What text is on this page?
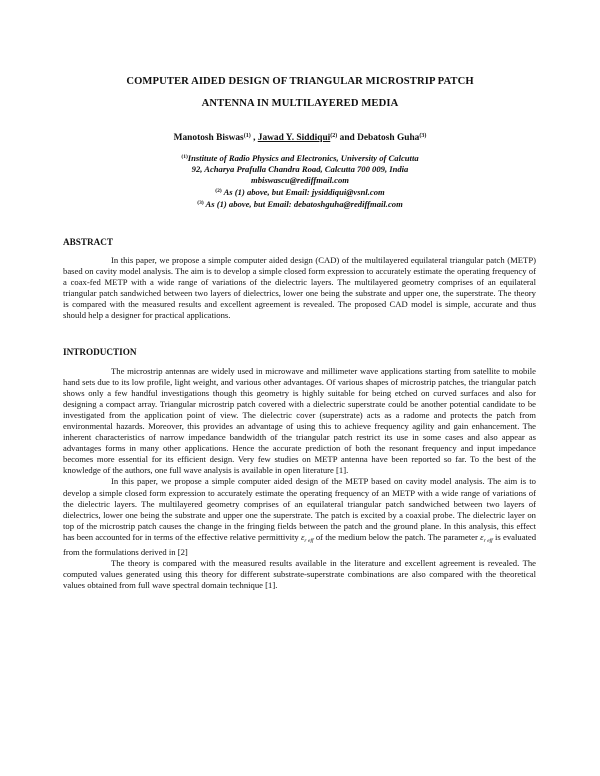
COMPUTER AIDED DESIGN OF TRIANGULAR MICROSTRIP PATCH
ANTENNA IN MULTILAYERED MEDIA
Manotosh Biswas$^{(1)}$ , Jawad Y. Siddiqui$^{(2)}$ and Debatosh Guha$^{(3)}$
$^{(1)}$Institute of Radio Physics and Electronics, University of Calcutta
92, Acharya Prafulla Chandra Road, Calcutta 700 009, India
mbiswascu@rediffmail.com
$^{(2)}$ As (1) above, but Email: jysiddiqui@vsnl.com
$^{(3)}$ As (1) above, but Email: debatoshguha@rediffmail.com
ABSTRACT

In this paper, we propose a simple computer aided design (CAD) of the multilayered equilateral triangular patch (METP) based on cavity model analysis. The aim is to develop a simple closed form expression to accurately estimate the operating frequency of a coax-fed METP with a wide range of variations of the dielectric layers. The multilayered geometry comprises of an equilateral triangular patch sandwiched between two layers of dielectrics, lower one being the substrate and upper one, the superstrate. The theory is compared with the measured results and excellent agreement is revealed. The proposed CAD model is simple, accurate and thus should help a designer for practical applications.

INTRODUCTION

The microstrip antennas are widely used in microwave and millimeter wave applications starting from satellite to mobile hand sets due to its low profile, light weight, and various other advantages. Of various shapes of microstrip patches, the triangular patch shows only a few handful investigations though this geometry is highly suitable for being etched on curved surfaces and also for designing a compact array. Triangular microstrip patch covered with a dielectric superstrate could be another potential candidate to be investigated from the application point of view. The dielectric cover (superstrate) acts as a radome and protects the patch from environmental hazards. Moreover, this provides an advantage of using this to achieve frequency agility and gain enhancement. The inherent characteristics of narrow impedance bandwidth of the triangular patch restrict its use in some cases and also appear as advantages forms in many other applications. Hence the accurate prediction of both the resonant frequency and input impedance becomes more essential for its efficient design. Very few studies on METP antenna have been reported so far. To the best of the knowledge of the authors, one full wave analysis is available in open literature [1].

In this paper, we propose a simple computer aided design of the METP based on cavity model analysis. The aim is to develop a simple closed form expression to accurately estimate the operating frequency of an METP with a wide range of variations of the dielectric layers. The multilayered geometry comprises of an equilateral triangular patch sandwiched between two layers of dielectrics, lower one being the substrate and upper one the superstrate. The patch is excited by a coaxial probe. The dielectric layer on top of the microstrip patch causes the change in the fringing fields between the patch and the ground plane. In this analysis, this effect has been accounted for in terms of the effective relative permittivity $\varepsilon_{r eff}$ of the medium below the patch. The parameter $\varepsilon_{r eff}$ is evaluated from the formulations derived in [2]

The theory is compared with the measured results available in the literature and excellent agreement is revealed. The computed values generated using this theory for different substrate-superstrate combinations are also compared with the theoretical values obtained from full wave spectral domain technique [1].
